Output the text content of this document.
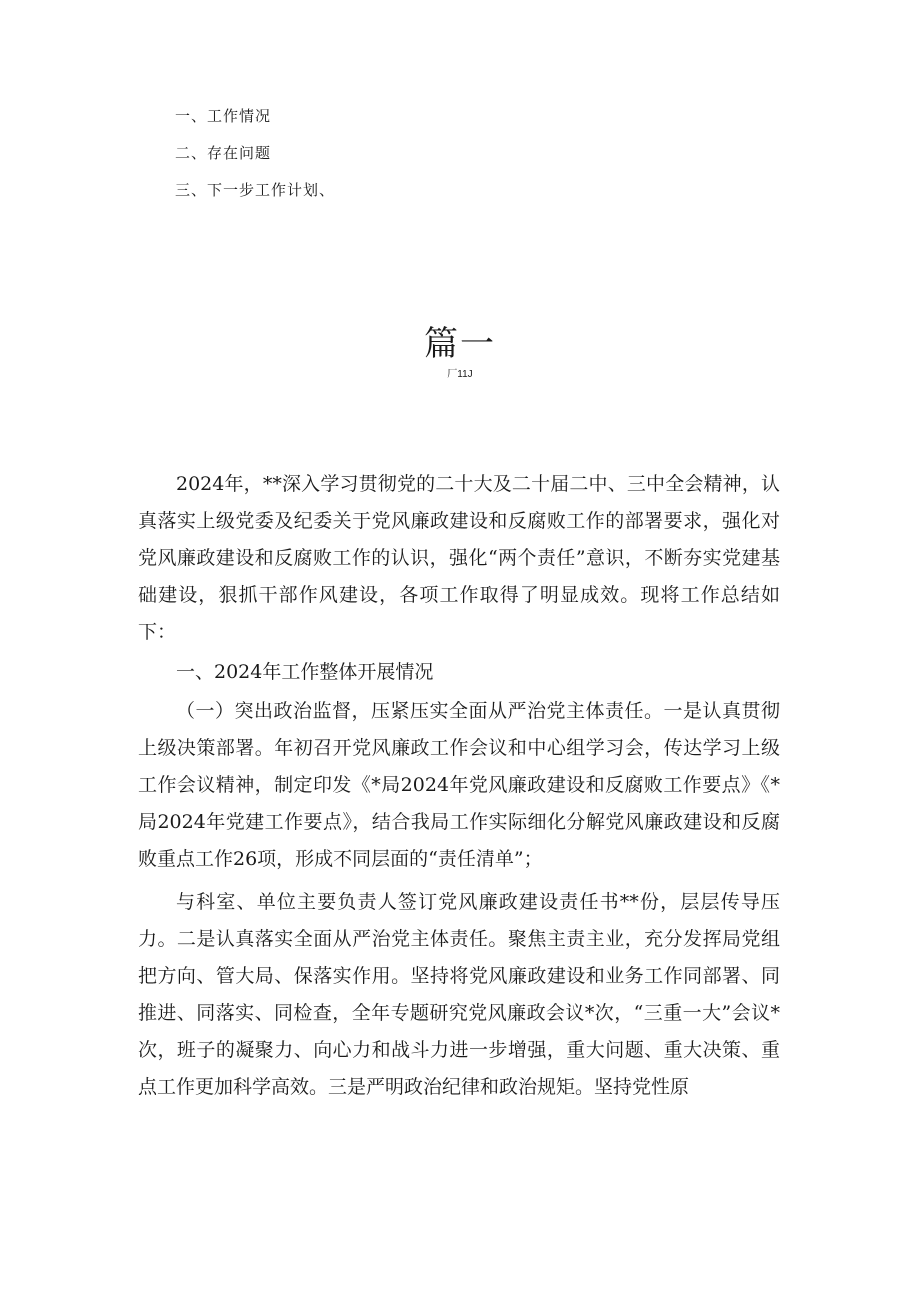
一、工作情况
二、存在问题
三、下一步工作计划、
篇一
厂11J

2024年，**深入学习贯彻党的二十大及二十届二中、三中全会精神，认真落实上级党委及纪委关于党风廉政建设和反腐败工作的部署要求，强化对党风廉政建设和反腐败工作的认识，强化“两个责任”意识，不断夯实党建基础建设，狠抓干部作风建设，各项工作取得了明显成效。现将工作总结如下：

一、2024年工作整体开展情况

（一）突出政治监督，压紧压实全面从严治党主体责任。一是认真贯彻上级决策部署。年初召开党风廉政工作会议和中心组学习会，传达学习上级工作会议精神，制定印发《*局2024年党风廉政建设和反腐败工作要点》《*局2024年党建工作要点》，结合我局工作实际细化分解党风廉政建设和反腐败重点工作26项，形成不同层面的“责任清单”；

与科室、单位主要负责人签订党风廉政建设责任书**份，层层传导压力。二是认真落实全面从严治党主体责任。聚焦主责主业，充分发挥局党组把方向、管大局、保落实作用。坚持将党风廉政建设和业务工作同部署、同推进、同落实、同检查，全年专题研究党风廉政会议*次，“三重一大”会议*次，班子的凝聚力、向心力和战斗力进一步增强，重大问题、重大决策、重点工作更加科学高效。三是严明政治纪律和政治规矩。坚持党性原
